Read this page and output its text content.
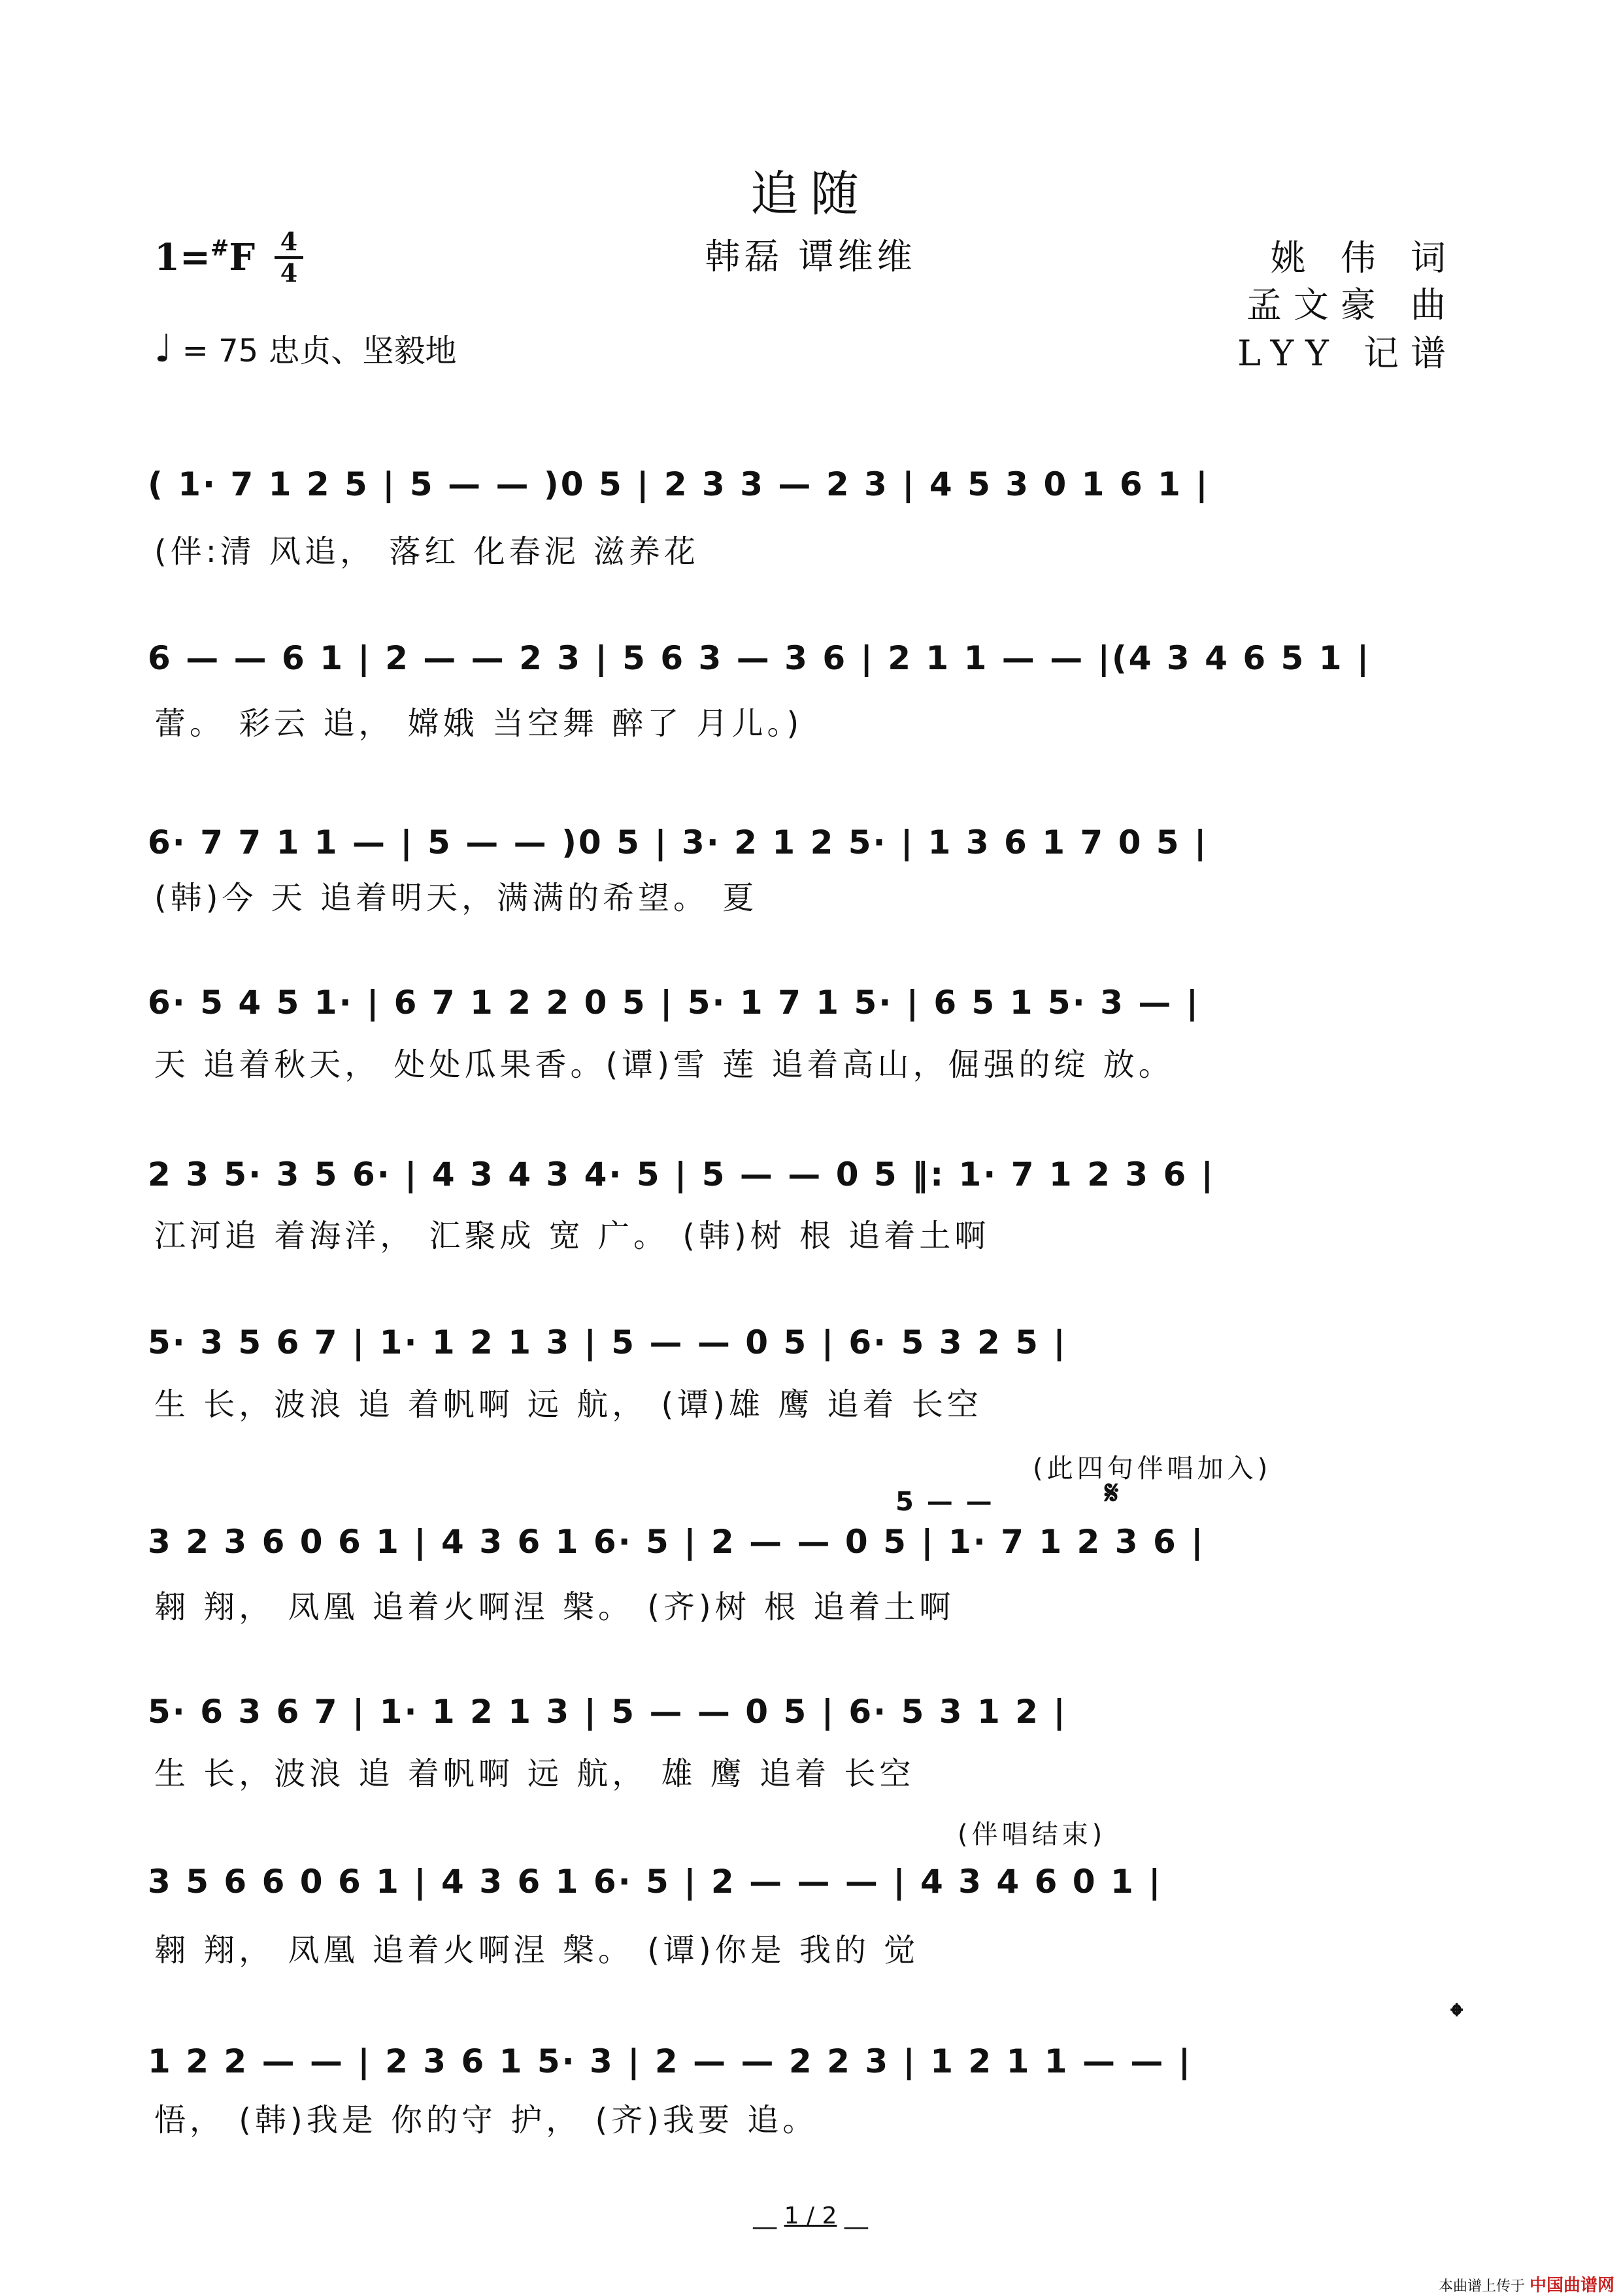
追随
韩磊 谭维维
1=#F 4
4
♩ = 75 忠贞、坚毅地
姚 伟 词
孟文豪 曲
LYY 记谱
( 1· 7 1 2 5 | 5 — — )0 5 | 2 3 3 — 2 3 | 4 5 3 0 1 6 1 |
(伴:清 风追， 落红 化春泥 滋养花
6 — — 6 1 | 2 — — 2 3 | 5 6 3 — 3 6 | 2 1 1 — — |(4 3 4 6 5 1 |
蕾。 彩云 追， 嫦娥 当空舞 醉了 月儿。)
6· 7 7 1 1 — | 5 — — )0 5 | 3· 2 1 2 5· | 1 3 6 1 7 0 5 |
(韩)今 天 追着明天，满满的希望。 夏
6· 5 4 5 1· | 6 7 1 2 2 0 5 | 5· 1 7 1 5· | 6 5 1 5· 3 — |
天 追着秋天， 处处瓜果香。(谭)雪 莲 追着高山，倔强的绽 放。
2 3 5· 3 5 6· | 4 3 4 3 4· 5 | 5 — — 0 5 ‖: 1· 7 1 2 3 6 |
江河追 着海洋， 汇聚成 宽 广。 (韩)树 根 追着土啊
5· 3 5 6 7 | 1· 1 2 1 3 | 5 — — 0 5 | 6· 5 3 2 5 |
生 长，波浪 追 着帆啊 远 航， (谭)雄 鹰 追着 长空
(此四句伴唱加入)
5 — —	𝄋
3 2 3 6 0 6 1 | 4 3 6 1 6· 5 | 2 — — 0 5 | 1· 7 1 2 3 6 |
翱 翔， 凤凰 追着火啊涅 槃。 (齐)树 根 追着土啊
5· 6 3 6 7 | 1· 1 2 1 3 | 5 — — 0 5 | 6· 5 3 1 2 |
生 长，波浪 追 着帆啊 远 航， 雄 鹰 追着 长空
(伴唱结束)
3 5 6 6 0 6 1 | 4 3 6 1 6· 5 | 2 — — — | 4 3 4 6 0 1 |
翱 翔， 凤凰 追着火啊涅 槃。 (谭)你是 我的 觉
𝄌
1 2 2 — — | 2 3 6 1 5· 3 | 2 — — 2 2 3 | 1 2 1 1 — — |
悟， (韩)我是 你的守 护， (齐)我要 追。
__ 1 / 2 __
本曲谱上传于 中国曲谱网
